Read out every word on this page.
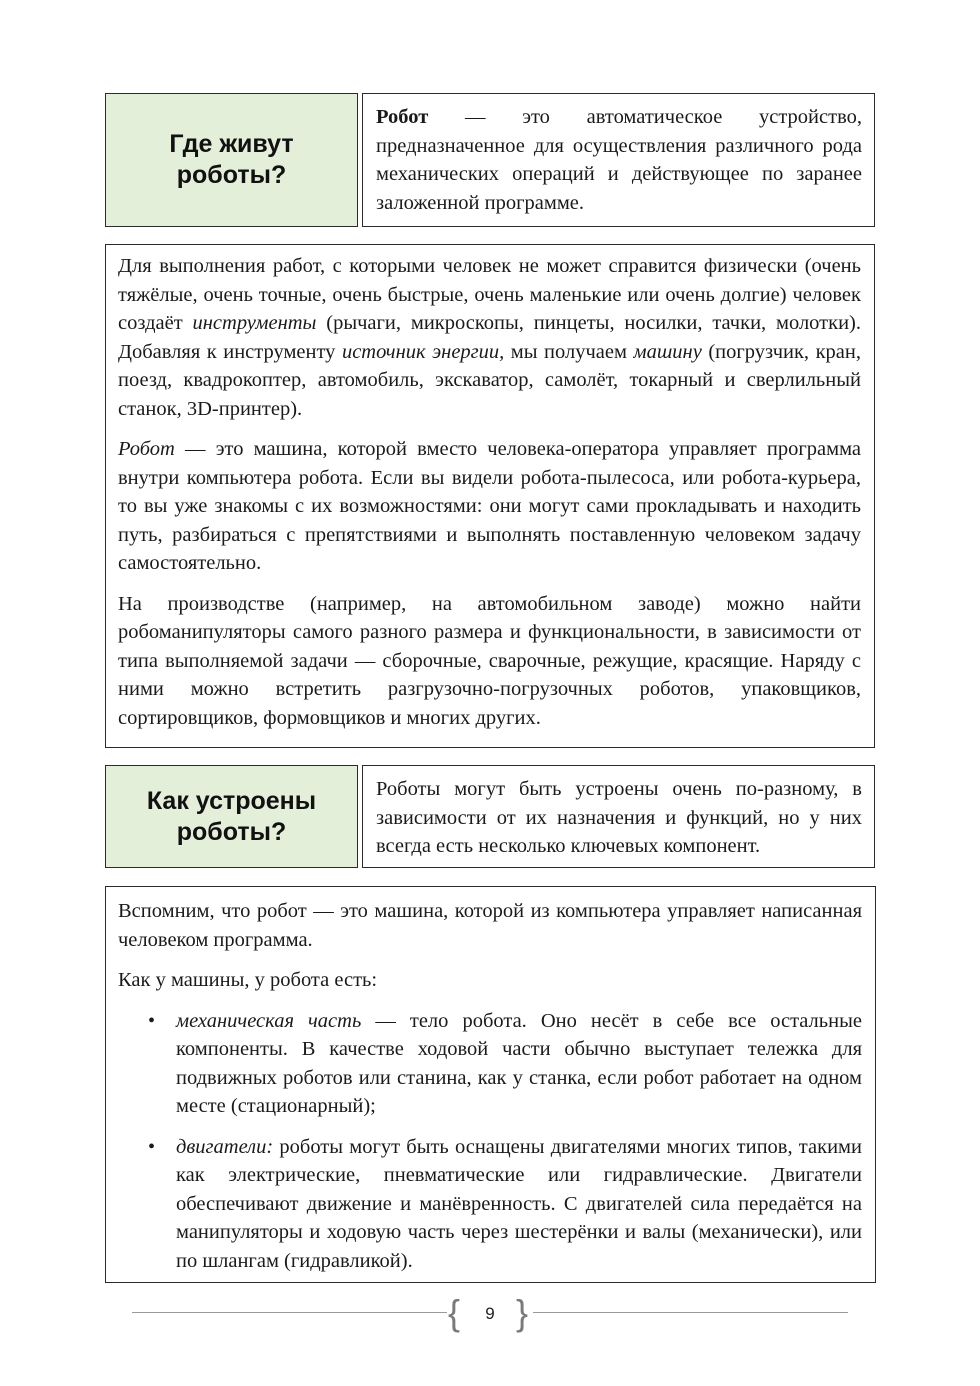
Где живут
роботы?
Робот — это автоматическое устройство, предназначенное для осуществления различного рода механических операций и действующее по заранее заложенной программе.

Для выполнения работ, с которыми человек не может справится физически (очень тяжёлые, очень точные, очень быстрые, очень маленькие или очень долгие) человек создаёт инструменты (рычаги, микроскопы, пинцеты, носилки, тачки, молотки). Добавляя к инструменту источник энергии, мы получаем машину (погрузчик, кран, поезд, квадрокоптер, автомобиль, экскаватор, самолёт, токарный и сверлильный станок, 3D-принтер).

Робот — это машина, которой вместо человека-оператора управляет программа внутри компьютера робота. Если вы видели робота-пылесоса, или робота-курьера, то вы уже знакомы с их возможностями: они могут сами прокладывать и находить путь, разбираться с препятствиями и выполнять поставленную человеком задачу самостоятельно.

На производстве (например, на автомобильном заводе) можно найти робоманипуляторы самого разного размера и функциональности, в зависимости от типа выполняемой задачи — сборочные, сварочные, режущие, красящие. Наряду с ними можно встретить разгрузочно-погрузочных роботов, упаковщиков, сортировщиков, формовщиков и многих других.

Как устроены
роботы?
Роботы могут быть устроены очень по-разному, в зависимости от их назначения и функций, но у них всегда есть несколько ключевых компонент.

Вспомним, что робот — это машина, которой из компьютера управляет написанная человеком программа.

Как у машины, у робота есть:

• механическая часть — тело робота. Оно несёт в себе все остальные компоненты. В качестве ходовой части обычно выступает тележка для подвижных роботов или станина, как у станка, если робот работает на одном месте (стационарный);
• двигатели: роботы могут быть оснащены двигателями многих типов, такими как электрические, пневматические или гидравлические. Двигатели обеспечивают движение и манёвренность. С двигателей сила передаётся на манипуляторы и ходовую часть через шестерёнки и валы (механически), или по шлангам (гидравликой).
{ }
9
